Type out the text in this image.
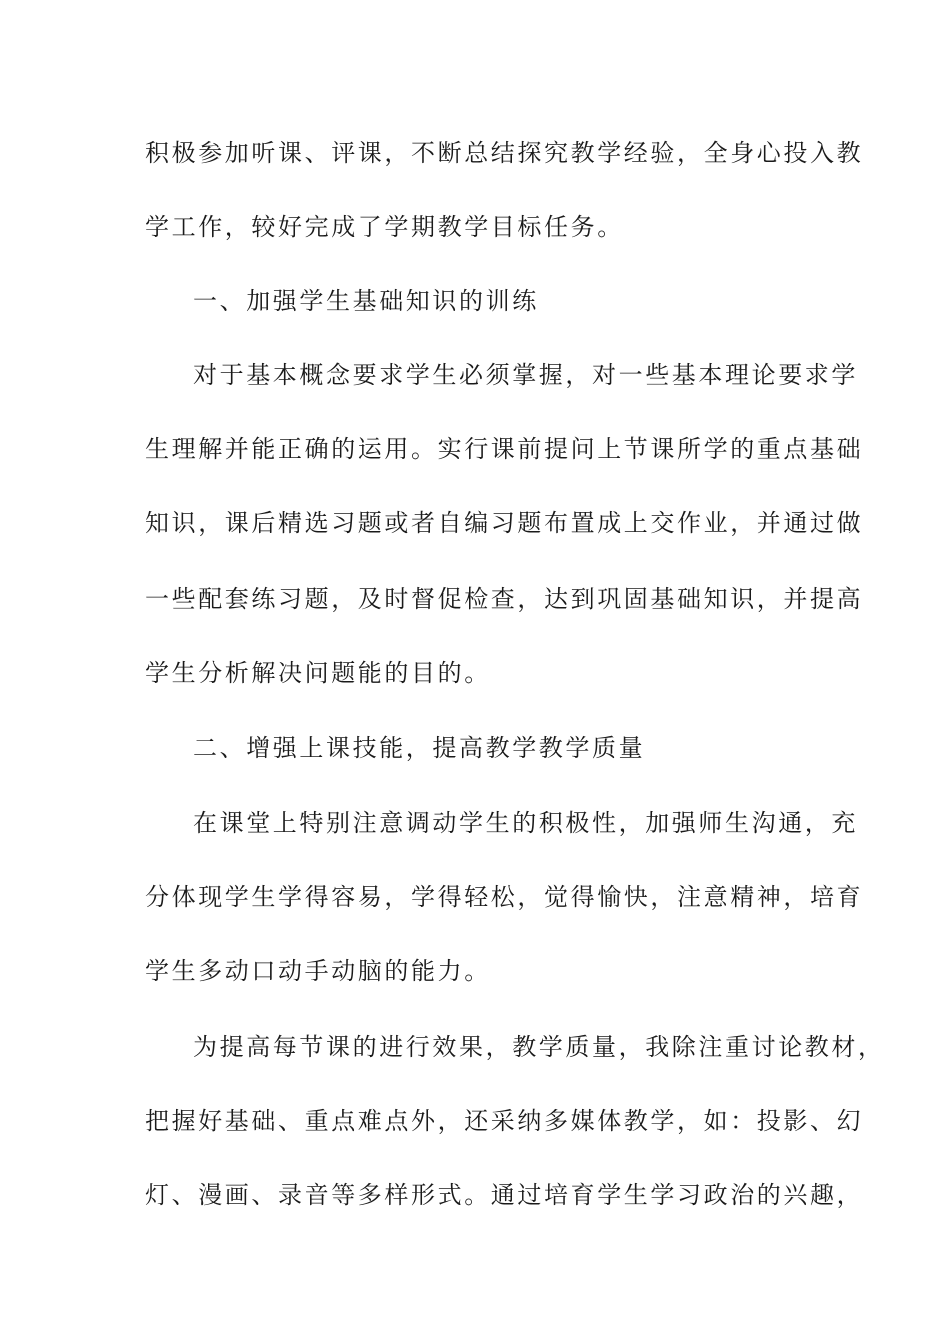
积极参加听课、评课，不断总结探究教学经验，全身心投入教
学工作，较好完成了学期教学目标任务。
一、加强学生基础知识的训练
对于基本概念要求学生必须掌握，对一些基本理论要求学
生理解并能正确的运用。实行课前提问上节课所学的重点基础
知识，课后精选习题或者自编习题布置成上交作业，并通过做
一些配套练习题，及时督促检查，达到巩固基础知识，并提高
学生分析解决问题能的目的。
二、增强上课技能，提高教学教学质量
在课堂上特别注意调动学生的积极性，加强师生沟通，充
分体现学生学得容易，学得轻松，觉得愉快，注意精神，培育
学生多动口动手动脑的能力。
为提高每节课的进行效果，教学质量，我除注重讨论教材，
把握好基础、重点难点外，还采纳多媒体教学，如：投影、幻
灯、漫画、录音等多样形式。通过培育学生学习政治的兴趣，
